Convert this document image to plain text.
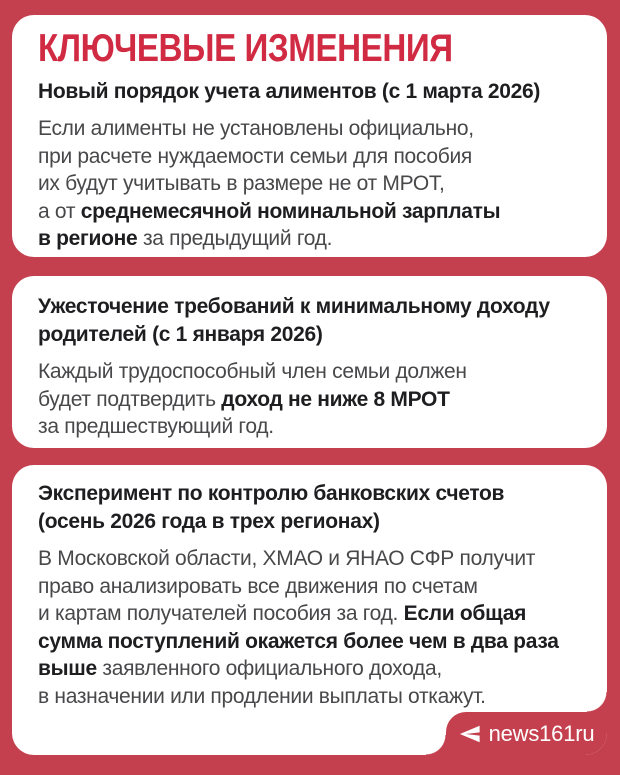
КЛЮЧЕВЫЕ ИЗМЕНЕНИЯ
Новый порядок учета алиментов (с 1 марта 2026)
Если алименты не установлены официально,
при расчете нуждаемости семьи для пособия
их будут учитывать в размере не от МРОТ,
а от среднемесячной номинальной зарплаты
в регионе за предыдущий год.
Ужесточение требований к минимальному доходу
родителей (с 1 января 2026)
Каждый трудоспособный член семьи должен
будет подтвердить доход не ниже 8 МРОТ
за предшествующий год.
Эксперимент по контролю банковских счетов
(осень 2026 года в трех регионах)
В Московской области, ХМАО и ЯНАО СФР получит
право анализировать все движения по счетам
и картам получателей пособия за год. Если общая
сумма поступлений окажется более чем в два раза
выше заявленного официального дохода,
в назначении или продлении выплаты откажут.
news161ru
